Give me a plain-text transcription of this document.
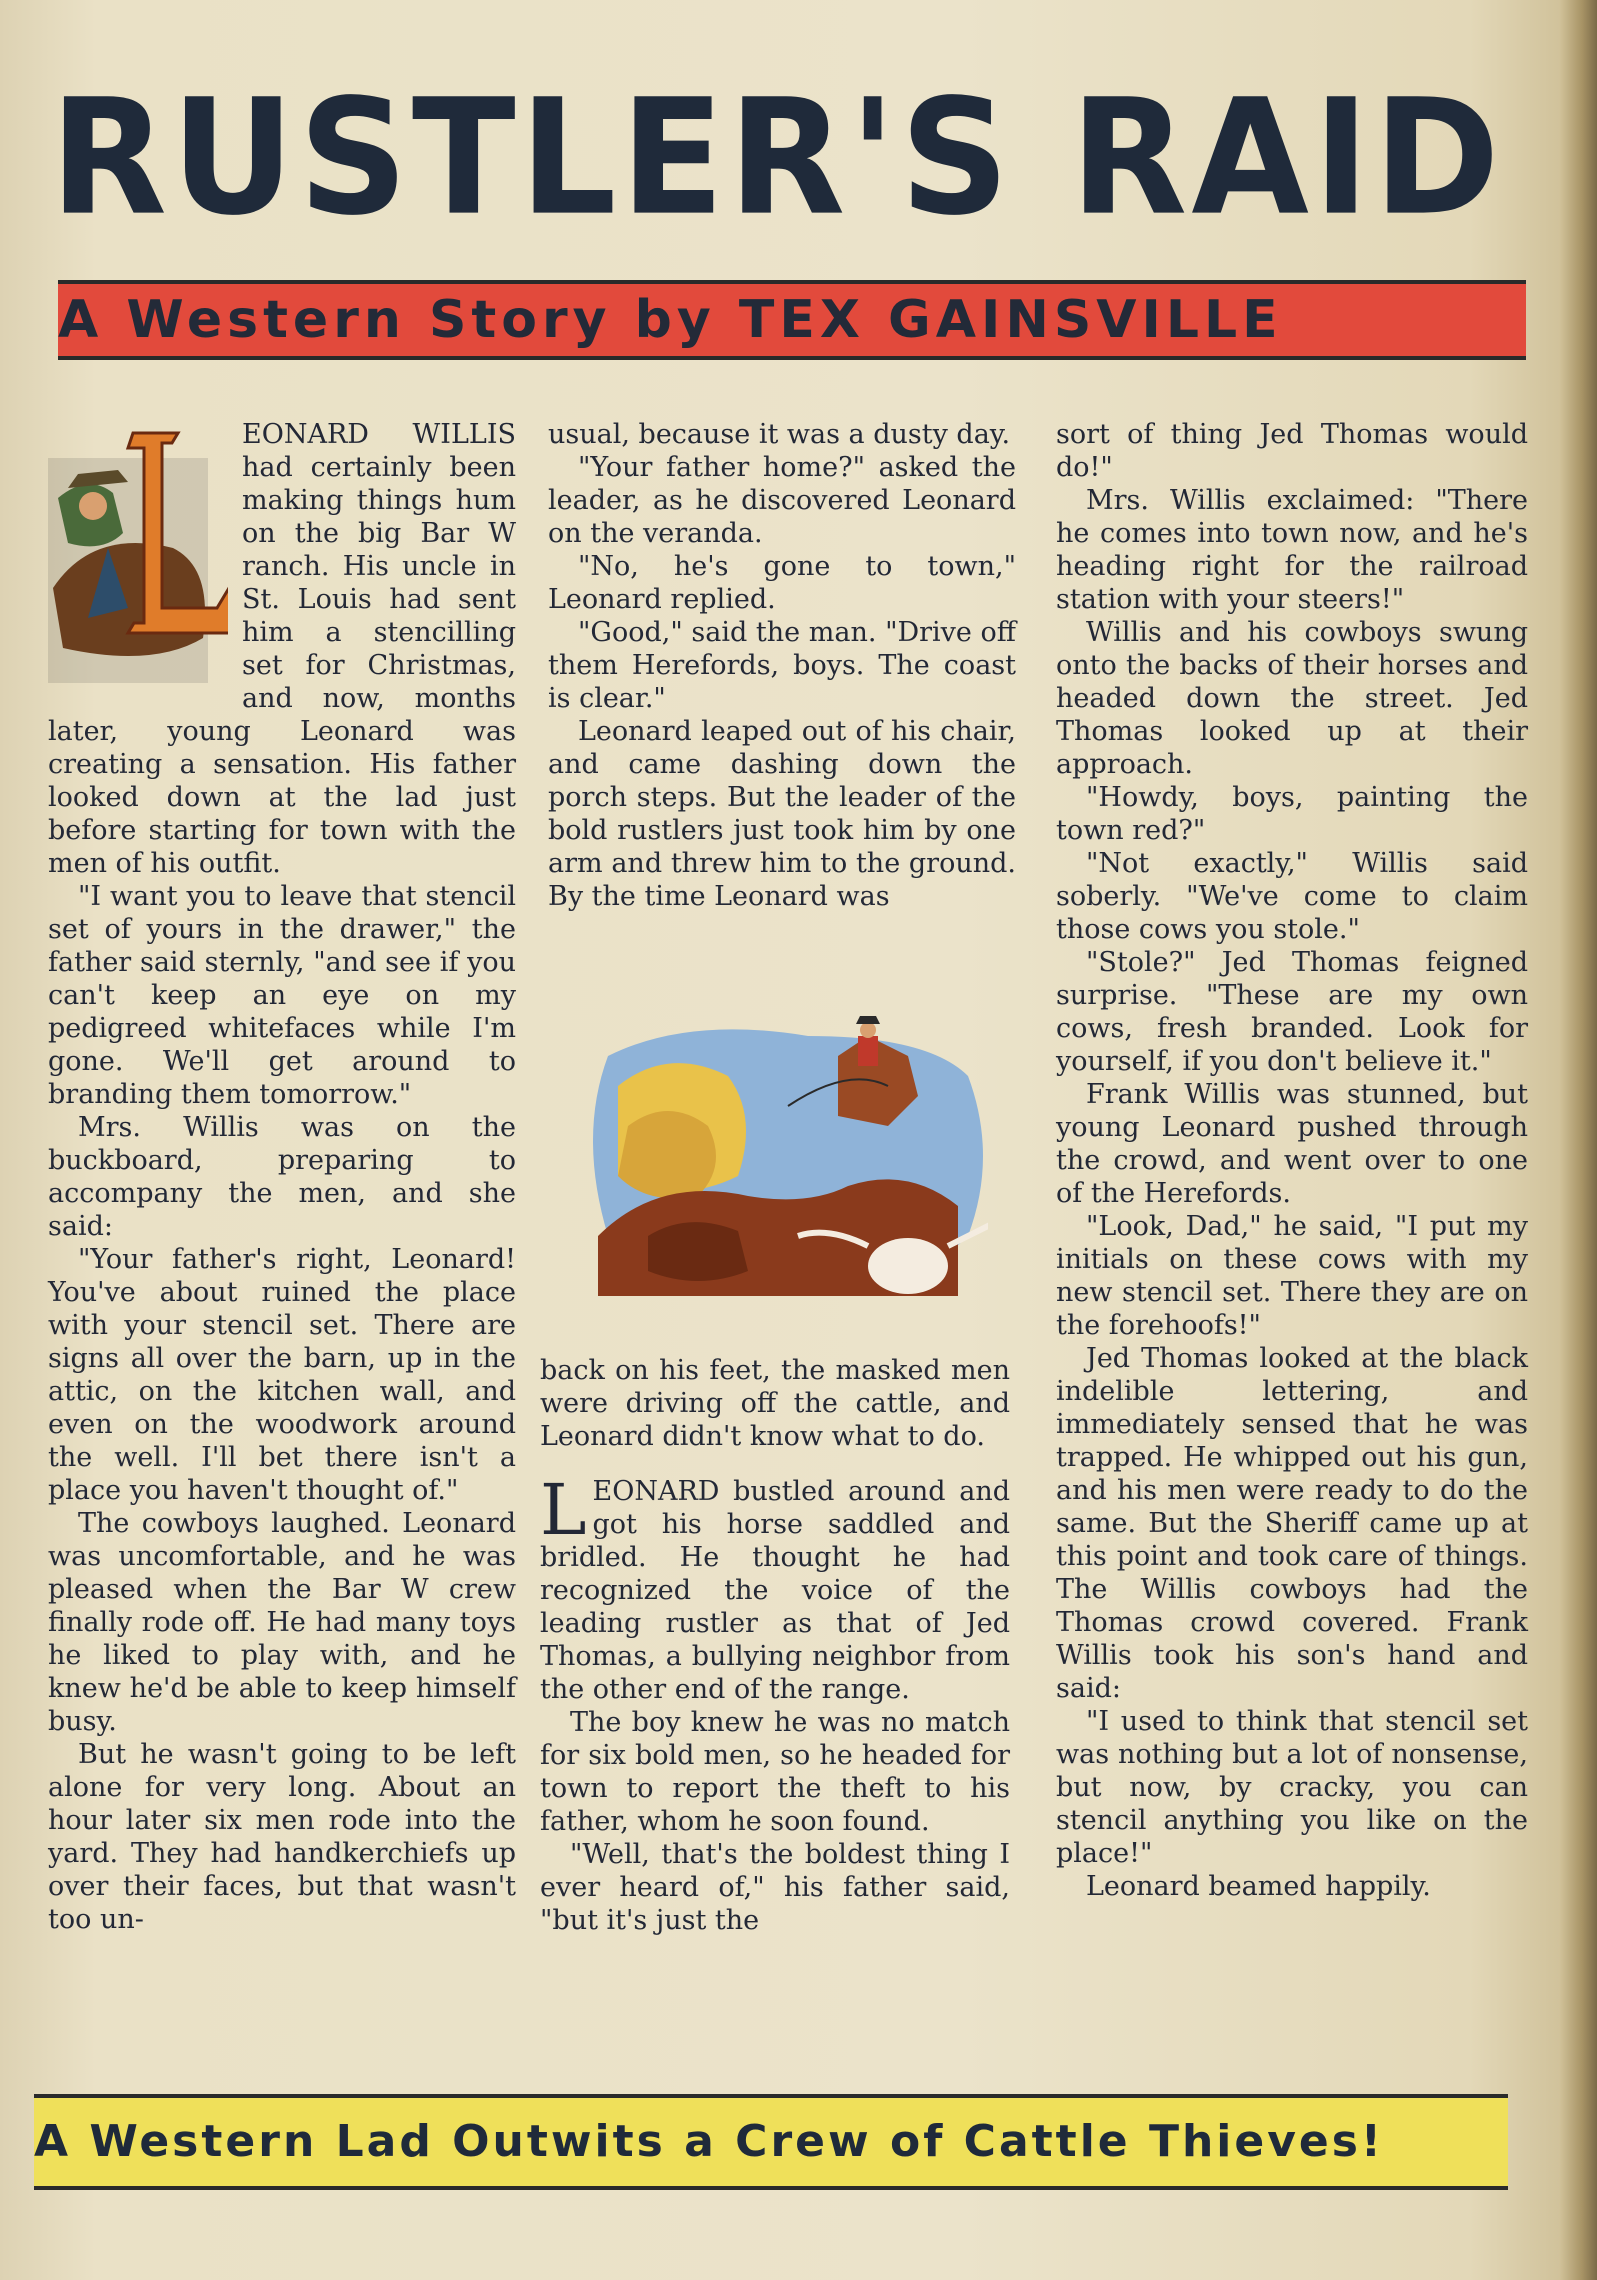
RUSTLER'S RAID
A Western Story by TEX GAINSVILLE

EONARD WILLIS had certainly been making things hum on the big Bar W ranch. His uncle in St. Louis had sent him a stencilling set for Christmas, and now, months later, young Leonard was creating a sensation. His father looked down at the lad just before starting for town with the men of his outfit.

"I want you to leave that stencil set of yours in the drawer," the father said sternly, "and see if you can't keep an eye on my pedigreed whitefaces while I'm gone. We'll get around to branding them tomorrow."

Mrs. Willis was on the buckboard, preparing to accompany the men, and she said:

"Your father's right, Leonard! You've about ruined the place with your stencil set. There are signs all over the barn, up in the attic, on the kitchen wall, and even on the woodwork around the well. I'll bet there isn't a place you haven't thought of."

The cowboys laughed. Leonard was uncomfortable, and he was pleased when the Bar W crew finally rode off. He had many toys he liked to play with, and he knew he'd be able to keep himself busy.

But he wasn't going to be left alone for very long. About an hour later six men rode into the yard. They had handkerchiefs up over their faces, but that wasn't too un-

usual, because it was a dusty day.

"Your father home?" asked the leader, as he discovered Leonard on the veranda.

"No, he's gone to town," Leonard replied.

"Good," said the man. "Drive off them Herefords, boys. The coast is clear."

Leonard leaped out of his chair, and came dashing down the porch steps. But the leader of the bold rustlers just took him by one arm and threw him to the ground. By the time Leonard was

back on his feet, the masked men were driving off the cattle, and Leonard didn't know what to do.

LEONARD bustled around and got his horse saddled and bridled. He thought he had recognized the voice of the leading rustler as that of Jed Thomas, a bullying neighbor from the other end of the range.

The boy knew he was no match for six bold men, so he headed for town to report the theft to his father, whom he soon found.

"Well, that's the boldest thing I ever heard of," his father said, "but it's just the

sort of thing Jed Thomas would do!"

Mrs. Willis exclaimed: "There he comes into town now, and he's heading right for the railroad station with your steers!"

Willis and his cowboys swung onto the backs of their horses and headed down the street. Jed Thomas looked up at their approach.

"Howdy, boys, painting the town red?"

"Not exactly," Willis said soberly. "We've come to claim those cows you stole."

"Stole?" Jed Thomas feigned surprise. "These are my own cows, fresh branded. Look for yourself, if you don't believe it."

Frank Willis was stunned, but young Leonard pushed through the crowd, and went over to one of the Herefords.

"Look, Dad," he said, "I put my initials on these cows with my new stencil set. There they are on the forehoofs!"

Jed Thomas looked at the black indelible lettering, and immediately sensed that he was trapped. He whipped out his gun, and his men were ready to do the same. But the Sheriff came up at this point and took care of things. The Willis cowboys had the Thomas crowd covered. Frank Willis took his son's hand and said:

"I used to think that stencil set was nothing but a lot of nonsense, but now, by cracky, you can stencil anything you like on the place!"

Leonard beamed happily.

A Western Lad Outwits a Crew of Cattle Thieves!
